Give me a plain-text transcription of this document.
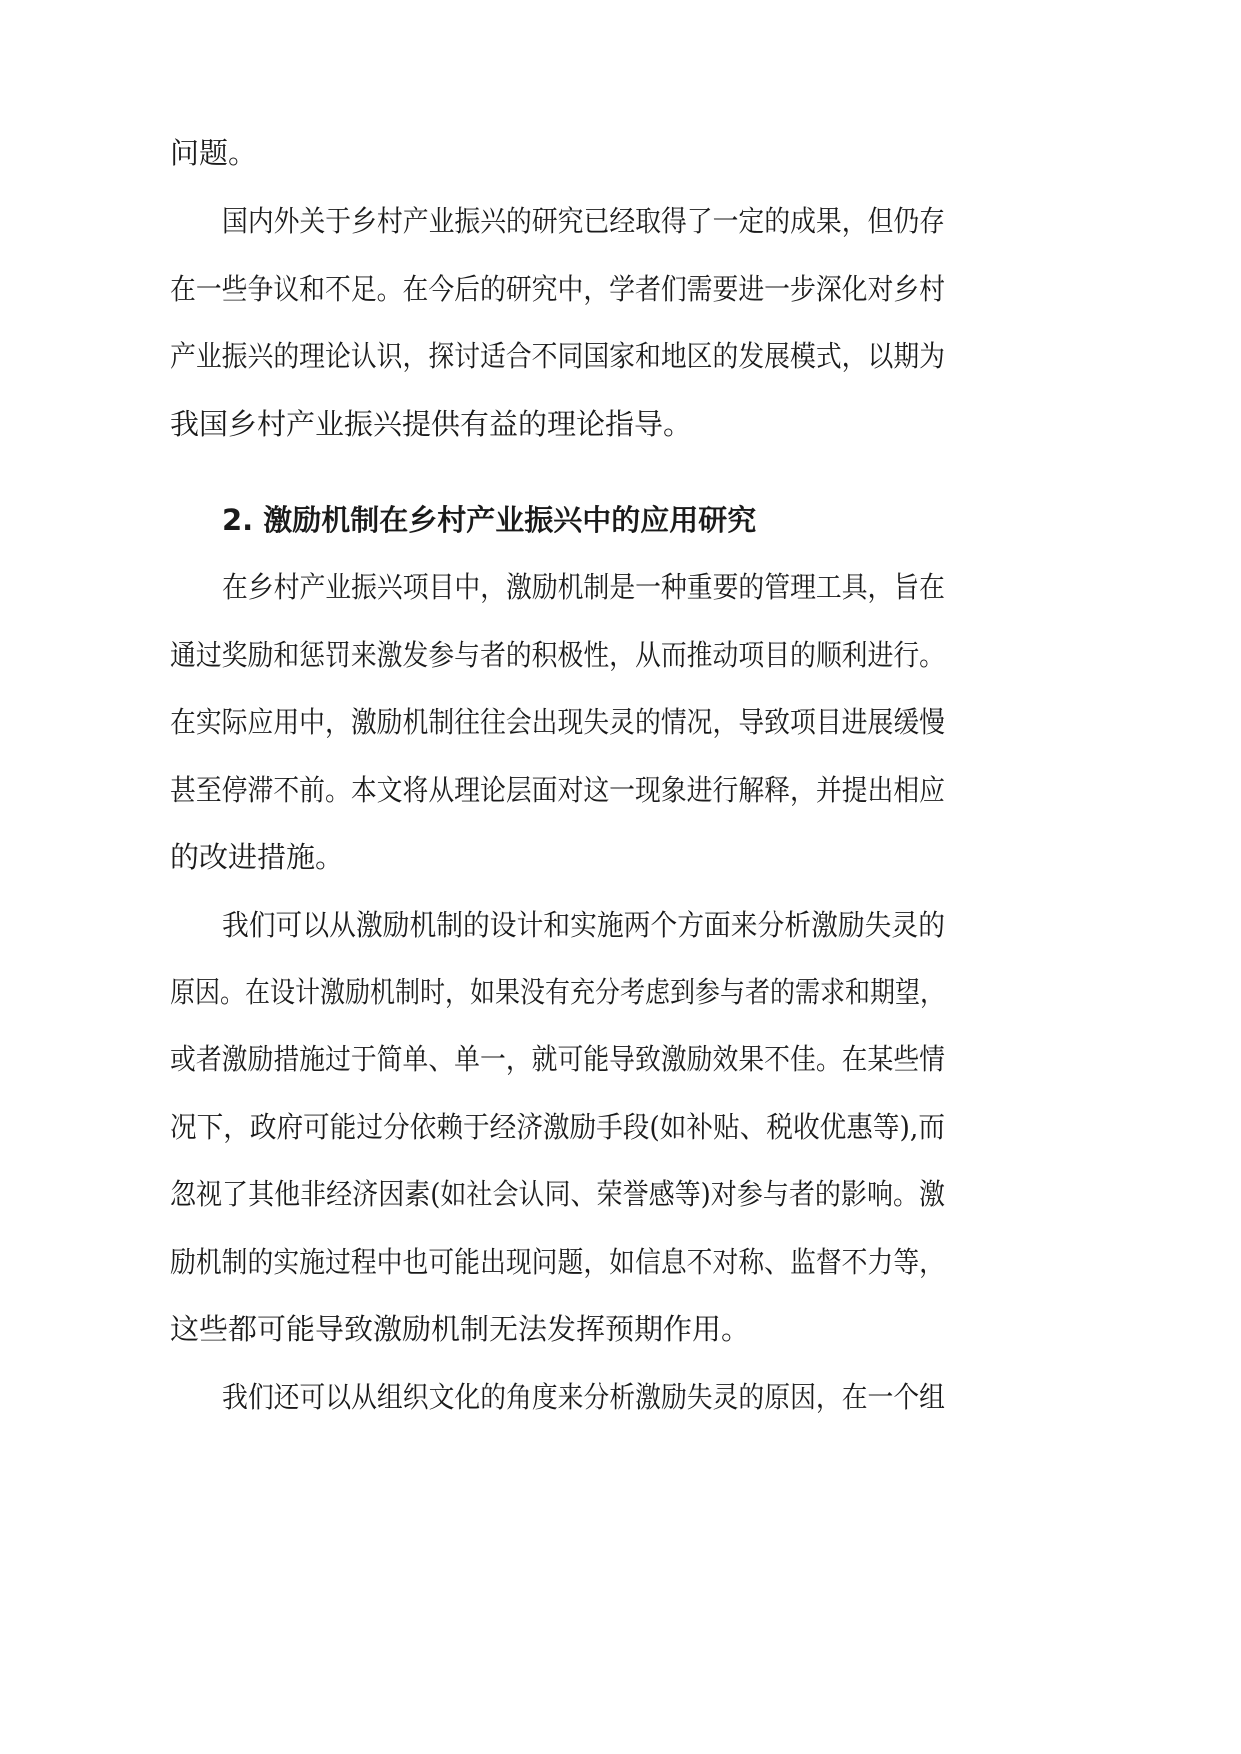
问题。
国内外关于乡村产业振兴的研究已经取得了一定的成果，但仍存
在一些争议和不足。在今后的研究中，学者们需要进一步深化对乡村
产业振兴的理论认识，探讨适合不同国家和地区的发展模式，以期为
我国乡村产业振兴提供有益的理论指导。
2. 激励机制在乡村产业振兴中的应用研究
在乡村产业振兴项目中，激励机制是一种重要的管理工具，旨在
通过奖励和惩罚来激发参与者的积极性，从而推动项目的顺利进行。
在实际应用中，激励机制往往会出现失灵的情况，导致项目进展缓慢
甚至停滞不前。本文将从理论层面对这一现象进行解释，并提出相应
的改进措施。
我们可以从激励机制的设计和实施两个方面来分析激励失灵的
原因。在设计激励机制时，如果没有充分考虑到参与者的需求和期望，
或者激励措施过于简单、单一，就可能导致激励效果不佳。在某些情
况下，政府可能过分依赖于经济激励手段(如补贴、税收优惠等),而
忽视了其他非经济因素(如社会认同、荣誉感等)对参与者的影响。激
励机制的实施过程中也可能出现问题，如信息不对称、监督不力等，
这些都可能导致激励机制无法发挥预期作用。
我们还可以从组织文化的角度来分析激励失灵的原因，在一个组
